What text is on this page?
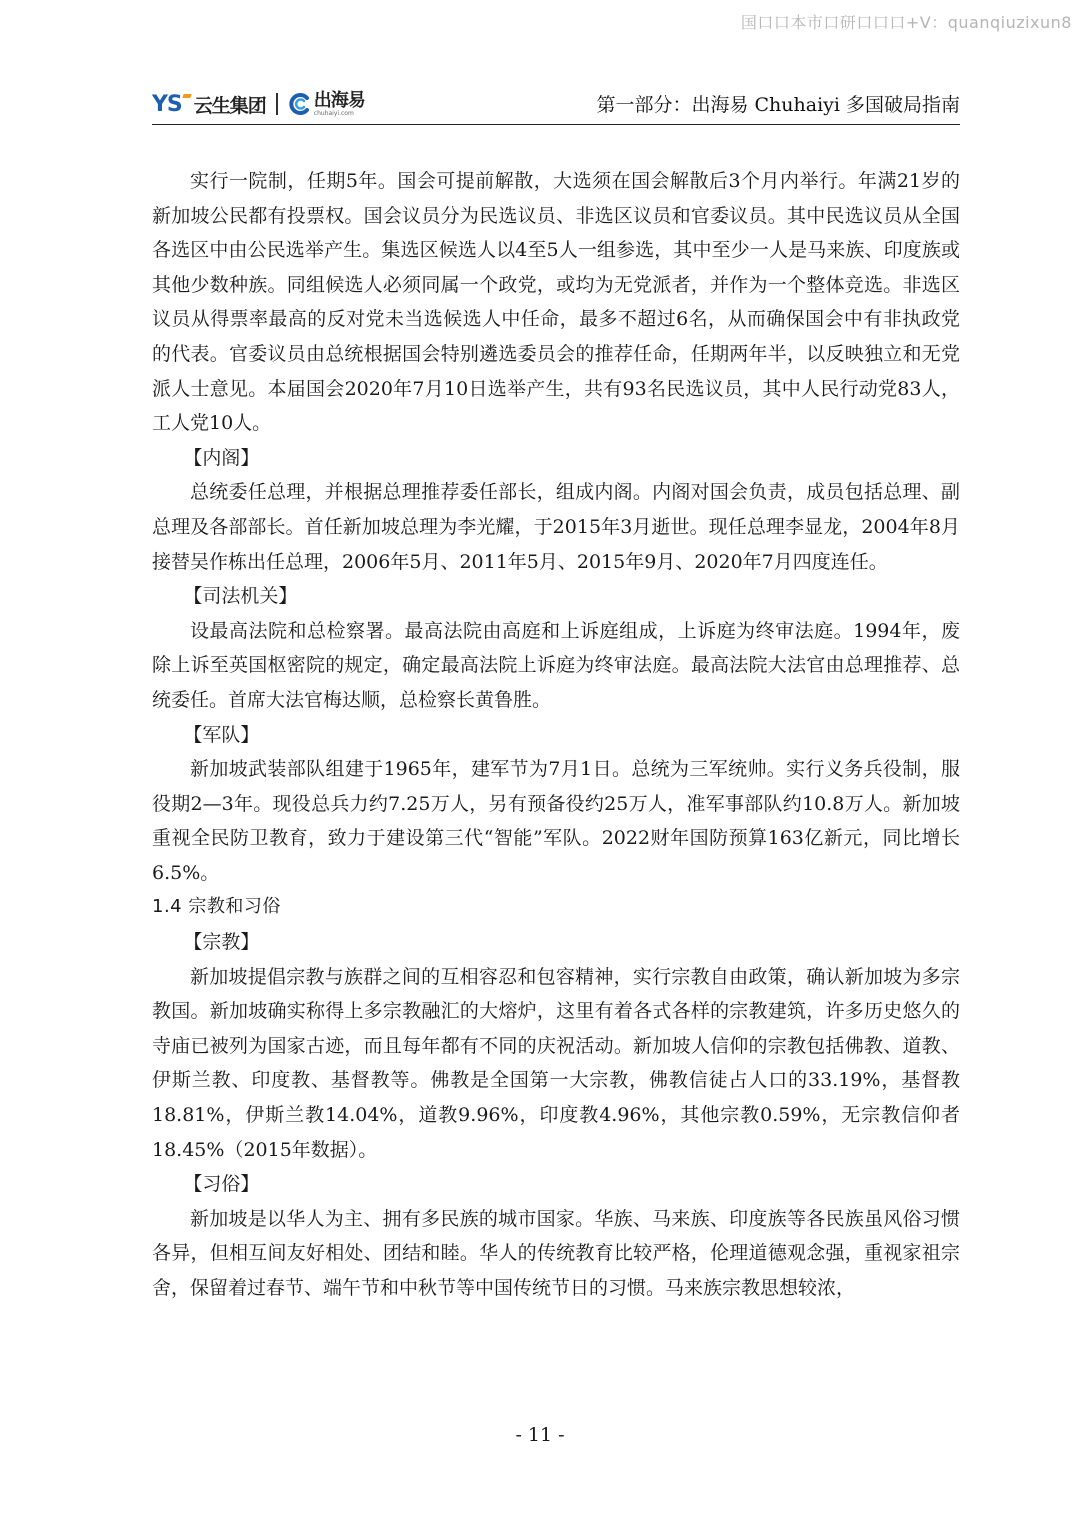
国口口本市口研口口口+V：quanqiuzixun8
YS 云生集团	出海易
chuhaiyi.com	第一部分：出海易 Chuhaiyi 多国破局指南

实行一院制，任期5年。国会可提前解散，大选须在国会解散后3个月内举行。年满21岁的新加坡公民都有投票权。国会议员分为民选议员、非选区议员和官委议员。其中民选议员从全国各选区中由公民选举产生。集选区候选人以4至5人一组参选，其中至少一人是马来族、印度族或其他少数种族。同组候选人必须同属一个政党，或均为无党派者，并作为一个整体竞选。非选区议员从得票率最高的反对党未当选候选人中任命，最多不超过6名，从而确保国会中有非执政党的代表。官委议员由总统根据国会特别遴选委员会的推荐任命，任期两年半，以反映独立和无党派人士意见。本届国会2020年7月10日选举产生，共有93名民选议员，其中人民行动党83人，工人党10人。

【内阁】

总统委任总理，并根据总理推荐委任部长，组成内阁。内阁对国会负责，成员包括总理、副总理及各部部长。首任新加坡总理为李光耀，于2015年3月逝世。现任总理李显龙，2004年8月接替吴作栋出任总理，2006年5月、2011年5月、2015年9月、2020年7月四度连任。

【司法机关】

设最高法院和总检察署。最高法院由高庭和上诉庭组成，上诉庭为终审法庭。1994年，废除上诉至英国枢密院的规定，确定最高法院上诉庭为终审法庭。最高法院大法官由总理推荐、总统委任。首席大法官梅达顺，总检察长黄鲁胜。

【军队】

新加坡武装部队组建于1965年，建军节为7月1日。总统为三军统帅。实行义务兵役制，服役期2—3年。现役总兵力约7.25万人，另有预备役约25万人，准军事部队约10.8万人。新加坡重视全民防卫教育，致力于建设第三代“智能”军队。2022财年国防预算163亿新元，同比增长6.5%。

1.4 宗教和习俗

【宗教】

新加坡提倡宗教与族群之间的互相容忍和包容精神，实行宗教自由政策，确认新加坡为多宗教国。新加坡确实称得上多宗教融汇的大熔炉，这里有着各式各样的宗教建筑，许多历史悠久的寺庙已被列为国家古迹，而且每年都有不同的庆祝活动。新加坡人信仰的宗教包括佛教、道教、伊斯兰教、印度教、基督教等。佛教是全国第一大宗教，佛教信徒占人口的33.19%，基督教18.81%，伊斯兰教14.04%，道教9.96%，印度教4.96%，其他宗教0.59%，无宗教信仰者18.45%（2015年数据）。

【习俗】

新加坡是以华人为主、拥有多民族的城市国家。华族、马来族、印度族等各民族虽风俗习惯各异，但相互间友好相处、团结和睦。华人的传统教育比较严格，伦理道德观念强，重视家祖宗舍，保留着过春节、端午节和中秋节等中国传统节日的习惯。马来族宗教思想较浓，

- 11 -
